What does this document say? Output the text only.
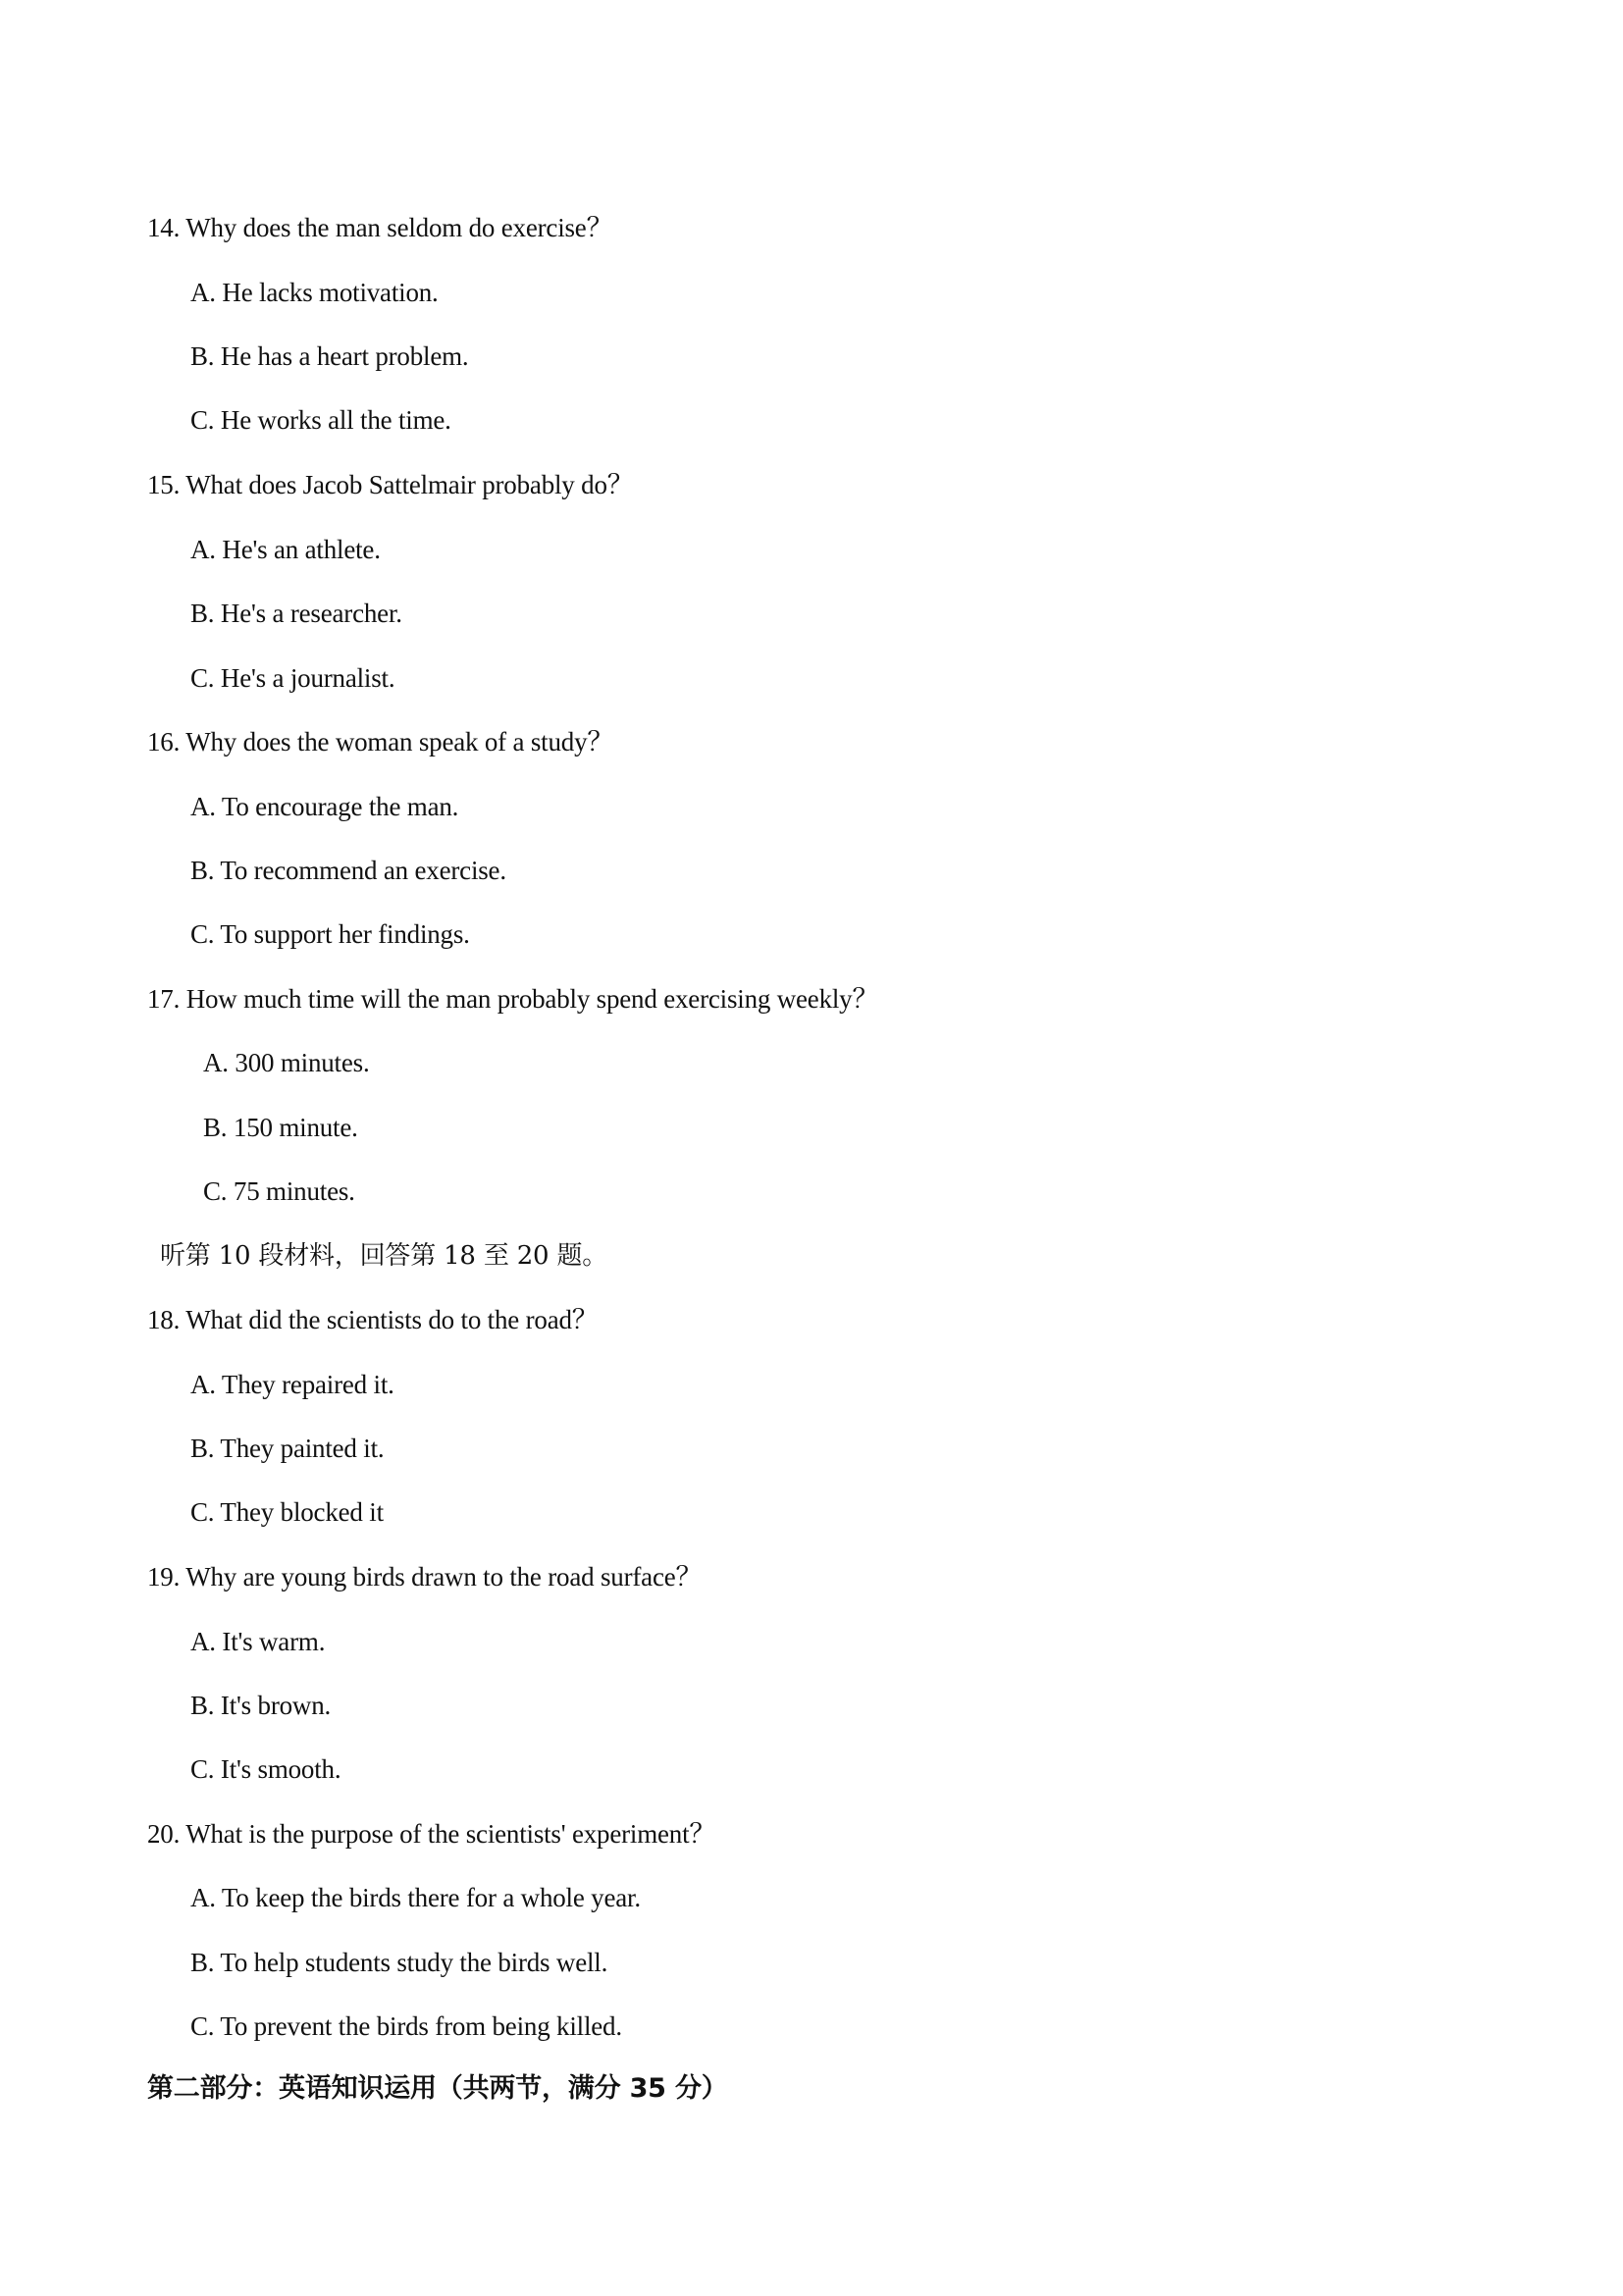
14. Why does the man seldom do exercise？
A. He lacks motivation.
B. He has a heart problem.
C. He works all the time.
15. What does Jacob Sattelmair probably do？
A. He's an athlete.
B. He's a researcher.
C. He's a journalist.
16. Why does the woman speak of a study？
A. To encourage the man.
B. To recommend an exercise.
C. To support her findings.
17. How much time will the man probably spend exercising weekly？
A. 300 minutes.
B. 150 minute.
C. 75 minutes.
听第 10 段材料，回答第 18 至 20 题。
18. What did the scientists do to the road？
A. They repaired it.
B. They painted it.
C. They blocked it
19. Why are young birds drawn to the road surface？
A. It's warm.
B. It's brown.
C. It's smooth.
20. What is the purpose of the scientists' experiment？
A. To keep the birds there for a whole year.
B. To help students study the birds well.
C. To prevent the birds from being killed.
第二部分：英语知识运用（共两节，满分 35 分）
